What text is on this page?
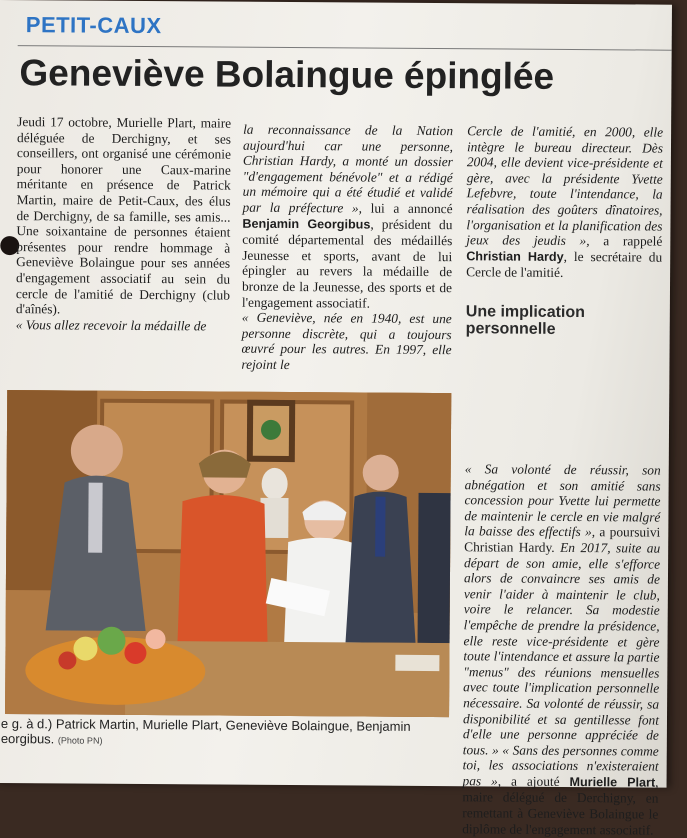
PETIT-CAUX
Geneviève Bolaingue épinglée

Jeudi 17 octobre, Murielle Plart, maire déléguée de Derchigny, et ses conseillers, ont organisé une cérémonie pour honorer une Caux-marine méritante en présence de Patrick Martin, maire de Petit-Caux, des élus de Derchigny, de sa famille, ses amis... Une soixantaine de personnes étaient présentes pour rendre hommage à Geneviève Bolaingue pour ses années d'engagement associatif au sein du cercle de l'amitié de Derchigny (club d'aînés).

« Vous allez recevoir la médaille de

la reconnaissance de la Nation aujourd'hui car une personne, Christian Hardy, a monté un dossier "d'engagement bénévole" et a rédigé un mémoire qui a été étudié et validé par la préfecture », lui a annoncé Benjamin Georgibus, président du comité départemental des médaillés Jeunesse et sports, avant de lui épingler au revers la médaille de bronze de la Jeunesse, des sports et de l'engagement associatif.

« Geneviève, née en 1940, est une personne discrète, qui a toujours œuvré pour les autres. En 1997, elle rejoint le

Cercle de l'amitié, en 2000, elle intègre le bureau directeur. Dès 2004, elle devient vice-présidente et gère, avec la présidente Yvette Lefebvre, toute l'intendance, la réalisation des goûters dînatoires, l'organisation et la planification des jeux des jeudis », a rappelé Christian Hardy, le secrétaire du Cercle de l'amitié.

Une implication personnelle

« Sa volonté de réussir, son abnégation et son amitié sans concession pour Yvette lui permette de maintenir le cercle en vie malgré la baisse des effectifs », a poursuivi Christian Hardy. En 2017, suite au départ de son amie, elle s'efforce alors de convaincre ses amis de venir l'aider à maintenir le club, voire le relancer. Sa modestie l'empêche de prendre la présidence, elle reste vice-présidente et gère toute l'intendance et assure la partie "menus" des réunions mensuelles avec toute l'implication personnelle nécessaire. Sa volonté de réussir, sa disponibilité et sa gentillesse font d'elle une personne appréciée de tous. » « Sans des personnes comme toi, les associations n'existeraient pas », a ajouté Murielle Plart, maire délégué de Derchigny, en remettant à Geneviève Bolaingue le diplôme de l'engagement associatif.

e g. à d.) Patrick Martin, Murielle Plart, Geneviève Bolaingue, Benjamin
eorgibus. (Photo PN)
